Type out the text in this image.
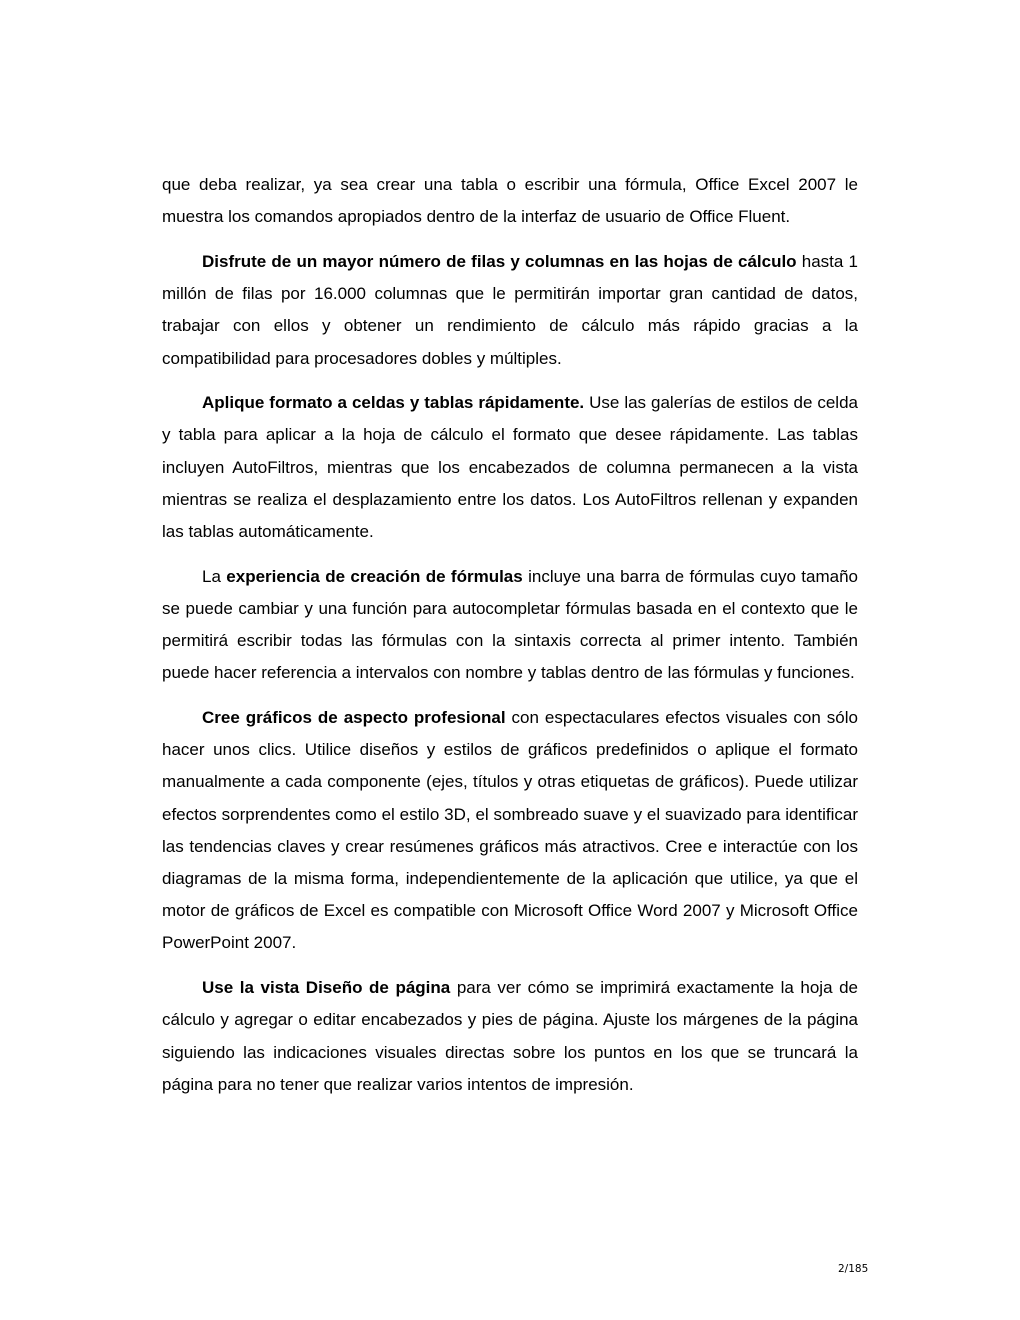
que deba realizar, ya sea crear una tabla o escribir una fórmula, Office Excel 2007 le muestra los comandos apropiados dentro de la interfaz de usuario de Office Fluent.

Disfrute de un mayor número de filas y columnas en las hojas de cálculo hasta 1 millón de filas por 16.000 columnas que le permitirán importar gran cantidad de datos, trabajar con ellos y obtener un rendimiento de cálculo más rápido gracias a la compatibilidad para procesadores dobles y múltiples.

Aplique formato a celdas y tablas rápidamente. Use las galerías de estilos de celda y tabla para aplicar a la hoja de cálculo el formato que desee rápidamente. Las tablas incluyen AutoFiltros, mientras que los encabezados de columna permanecen a la vista mientras se realiza el desplazamiento entre los datos. Los AutoFiltros rellenan y expanden las tablas automáticamente.

La experiencia de creación de fórmulas incluye una barra de fórmulas cuyo tamaño se puede cambiar y una función para autocompletar fórmulas basada en el contexto que le permitirá escribir todas las fórmulas con la sintaxis correcta al primer intento. También puede hacer referencia a intervalos con nombre y tablas dentro de las fórmulas y funciones.

Cree gráficos de aspecto profesional con espectaculares efectos visuales con sólo hacer unos clics. Utilice diseños y estilos de gráficos predefinidos o aplique el formato manualmente a cada componente (ejes, títulos y otras etiquetas de gráficos). Puede utilizar efectos sorprendentes como el estilo 3D, el sombreado suave y el suavizado para identificar las tendencias claves y crear resúmenes gráficos más atractivos. Cree e interactúe con los diagramas de la misma forma, independientemente de la aplicación que utilice, ya que el motor de gráficos de Excel es compatible con Microsoft Office Word 2007 y Microsoft Office PowerPoint 2007.

Use la vista Diseño de página para ver cómo se imprimirá exactamente la hoja de cálculo y agregar o editar encabezados y pies de página. Ajuste los márgenes de la página siguiendo las indicaciones visuales directas sobre los puntos en los que se truncará la página para no tener que realizar varios intentos de impresión.

2/185
